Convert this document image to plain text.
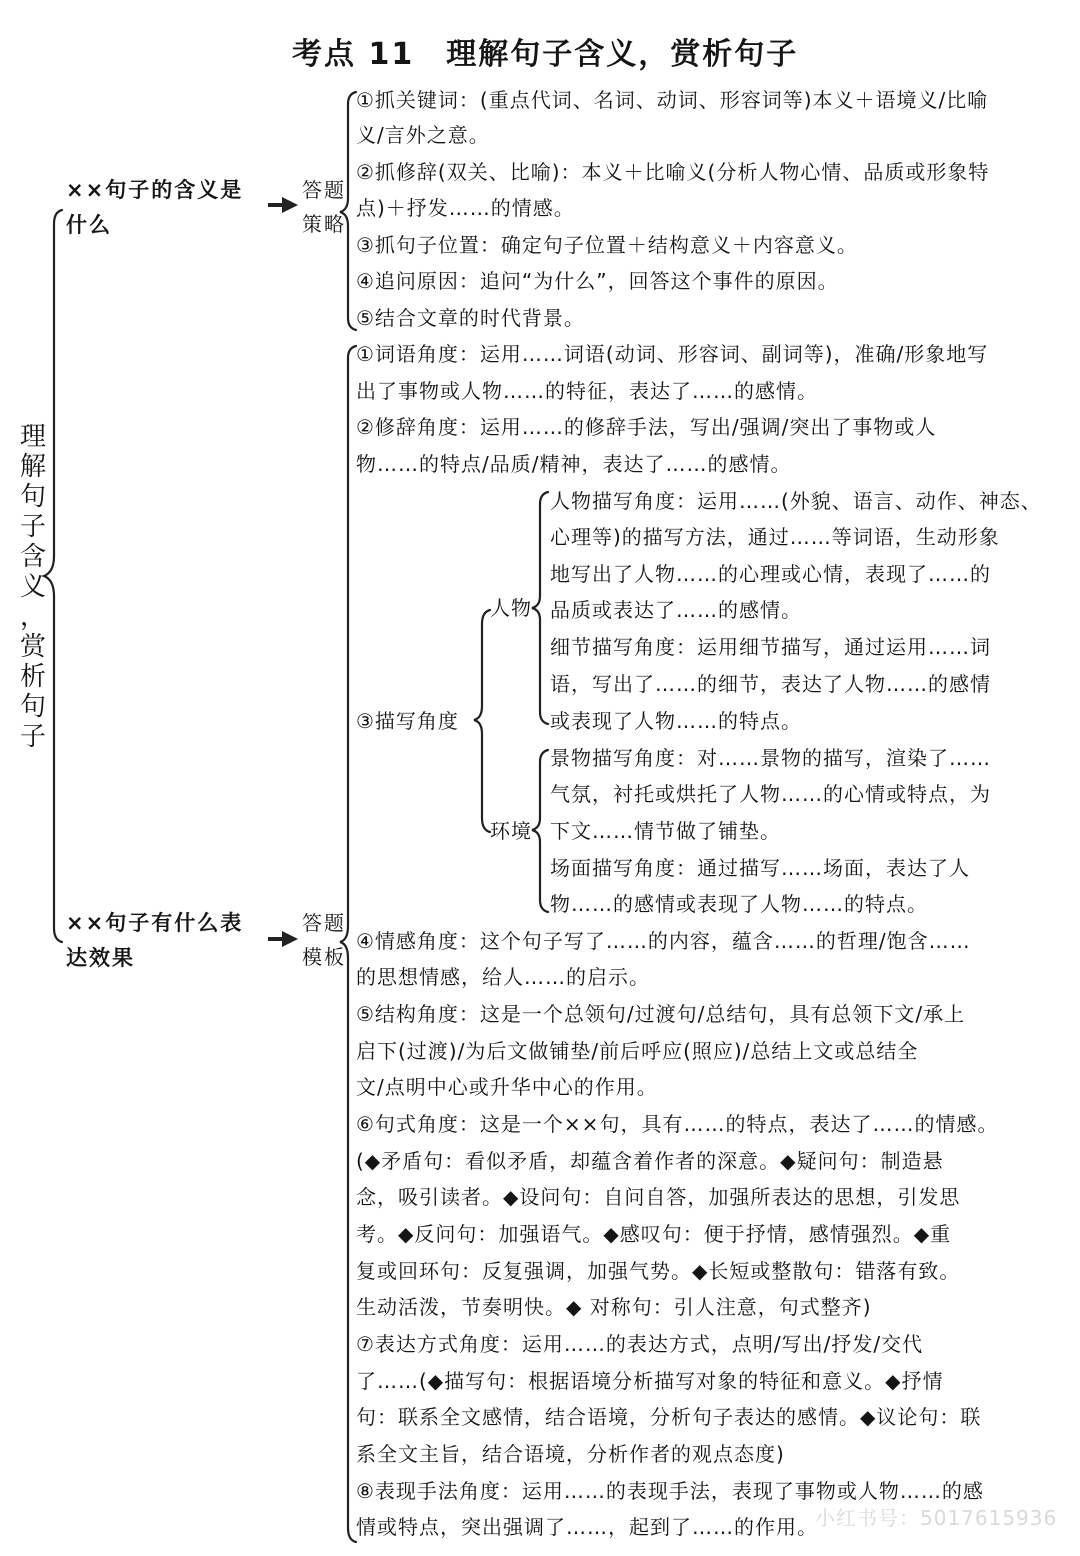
考点 11　理解句子含义，赏析句子
理
解
句
子
含
义
，
赏
析
句
子
××句子的含义是
什么
答题
策略
①抓关键词：(重点代词、名词、动词、形容词等)本义＋语境义/比喻
义/言外之意。
②抓修辞(双关、比喻)：本义＋比喻义(分析人物心情、品质或形象特
点)＋抒发……的情感。
③抓句子位置：确定句子位置＋结构意义＋内容意义。
④追问原因：追问“为什么”，回答这个事件的原因。
⑤结合文章的时代背景。
××句子有什么表
达效果
答题
模板
①词语角度：运用……词语(动词、形容词、副词等)，准确/形象地写
出了事物或人物……的特征，表达了……的感情。
②修辞角度：运用……的修辞手法，写出/强调/突出了事物或人
物……的特点/品质/精神，表达了……的感情。
③描写角度
人物
环境
人物描写角度：运用……(外貌、语言、动作、神态、
心理等)的描写方法，通过……等词语，生动形象
地写出了人物……的心理或心情，表现了……的
品质或表达了……的感情。
细节描写角度：运用细节描写，通过运用……词
语，写出了……的细节，表达了人物……的感情
或表现了人物……的特点。
景物描写角度：对……景物的描写，渲染了……
气氛，衬托或烘托了人物……的心情或特点，为
下文……情节做了铺垫。
场面描写角度：通过描写……场面，表达了人
物……的感情或表现了人物……的特点。
④情感角度：这个句子写了……的内容，蕴含……的哲理/饱含……
的思想情感，给人……的启示。
⑤结构角度：这是一个总领句/过渡句/总结句，具有总领下文/承上
启下(过渡)/为后文做铺垫/前后呼应(照应)/总结上文或总结全
文/点明中心或升华中心的作用。
⑥句式角度：这是一个××句，具有……的特点，表达了……的情感。
(◆矛盾句：看似矛盾，却蕴含着作者的深意。◆疑问句：制造悬
念，吸引读者。◆设问句：自问自答，加强所表达的思想，引发思
考。◆反问句：加强语气。◆感叹句：便于抒情，感情强烈。◆重
复或回环句：反复强调，加强气势。◆长短或整散句：错落有致。
生动活泼，节奏明快。◆ 对称句：引人注意，句式整齐)
⑦表达方式角度：运用……的表达方式，点明/写出/抒发/交代
了……(◆描写句：根据语境分析描写对象的特征和意义。◆抒情
句：联系全文感情，结合语境，分析句子表达的感情。◆议论句：联
系全文主旨，结合语境，分析作者的观点态度)
⑧表现手法角度：运用……的表现手法，表现了事物或人物……的感
情或特点，突出强调了……，起到了……的作用。
小红书号：5017615936
